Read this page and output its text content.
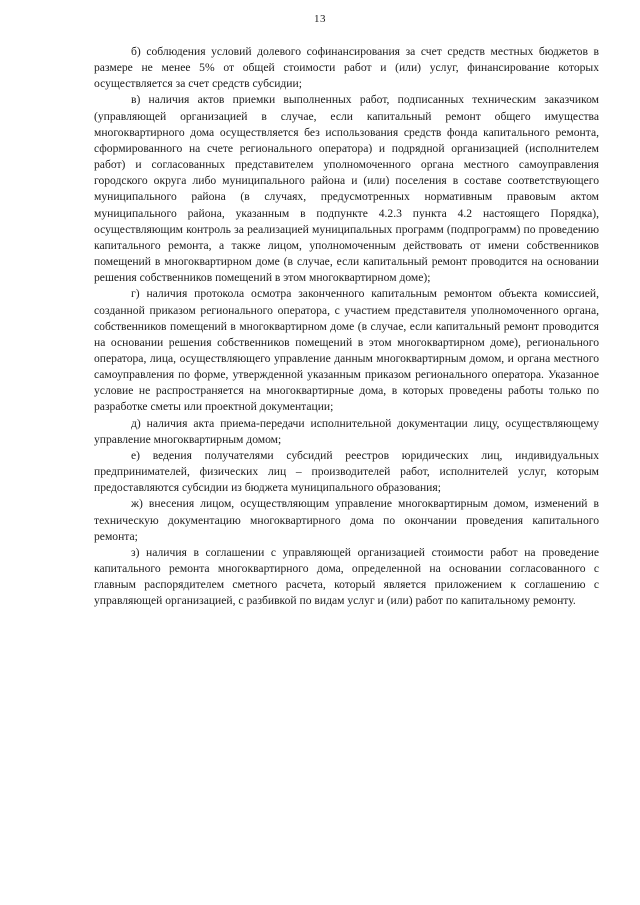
13

б) соблюдения условий долевого софинансирования за счет средств местных бюджетов в размере не менее 5% от общей стоимости работ и (или) услуг, финансирование которых осуществляется за счет средств субсидии;

в) наличия актов приемки выполненных работ, подписанных техническим заказчиком (управляющей организацией в случае, если капитальный ремонт общего имущества многоквартирного дома осуществляется без использования средств фонда капитального ремонта, сформированного на счете регионального оператора) и подрядной организацией (исполнителем работ) и согласованных представителем уполномоченного органа местного самоуправления городского округа либо муниципального района и (или) поселения в составе соответствующего муниципального района (в случаях, предусмотренных нормативным правовым актом муниципального района, указанным в подпункте 4.2.3 пункта 4.2 настоящего Порядка), осуществляющим контроль за реализацией муниципальных программ (подпрограмм) по проведению капитального ремонта, а также лицом, уполномоченным действовать от имени собственников помещений в многоквартирном доме (в случае, если капитальный ремонт проводится на основании решения собственников помещений в этом многоквартирном доме);

г) наличия протокола осмотра законченного капитальным ремонтом объекта комиссией, созданной приказом регионального оператора, с участием представителя уполномоченного органа, собственников помещений в многоквартирном доме (в случае, если капитальный ремонт проводится на основании решения собственников помещений в этом многоквартирном доме), регионального оператора, лица, осуществляющего управление данным многоквартирным домом, и органа местного самоуправления по форме, утвержденной указанным приказом регионального оператора. Указанное условие не распространяется на многоквартирные дома, в которых проведены работы только по разработке сметы или проектной документации;

д) наличия акта приема-передачи исполнительной документации лицу, осуществляющему управление многоквартирным домом;

е) ведения получателями субсидий реестров юридических лиц, индивидуальных предпринимателей, физических лиц – производителей работ, исполнителей услуг, которым предоставляются субсидии из бюджета муниципального образования;

ж) внесения лицом, осуществляющим управление многоквартирным домом, изменений в техническую документацию многоквартирного дома по окончании проведения капитального ремонта;

з) наличия в соглашении с управляющей организацией стоимости работ на проведение капитального ремонта многоквартирного дома, определенной на основании согласованного с главным распорядителем сметного расчета, который является приложением к соглашению с управляющей организацией, с разбивкой по видам услуг и (или) работ по капитальному ремонту.
